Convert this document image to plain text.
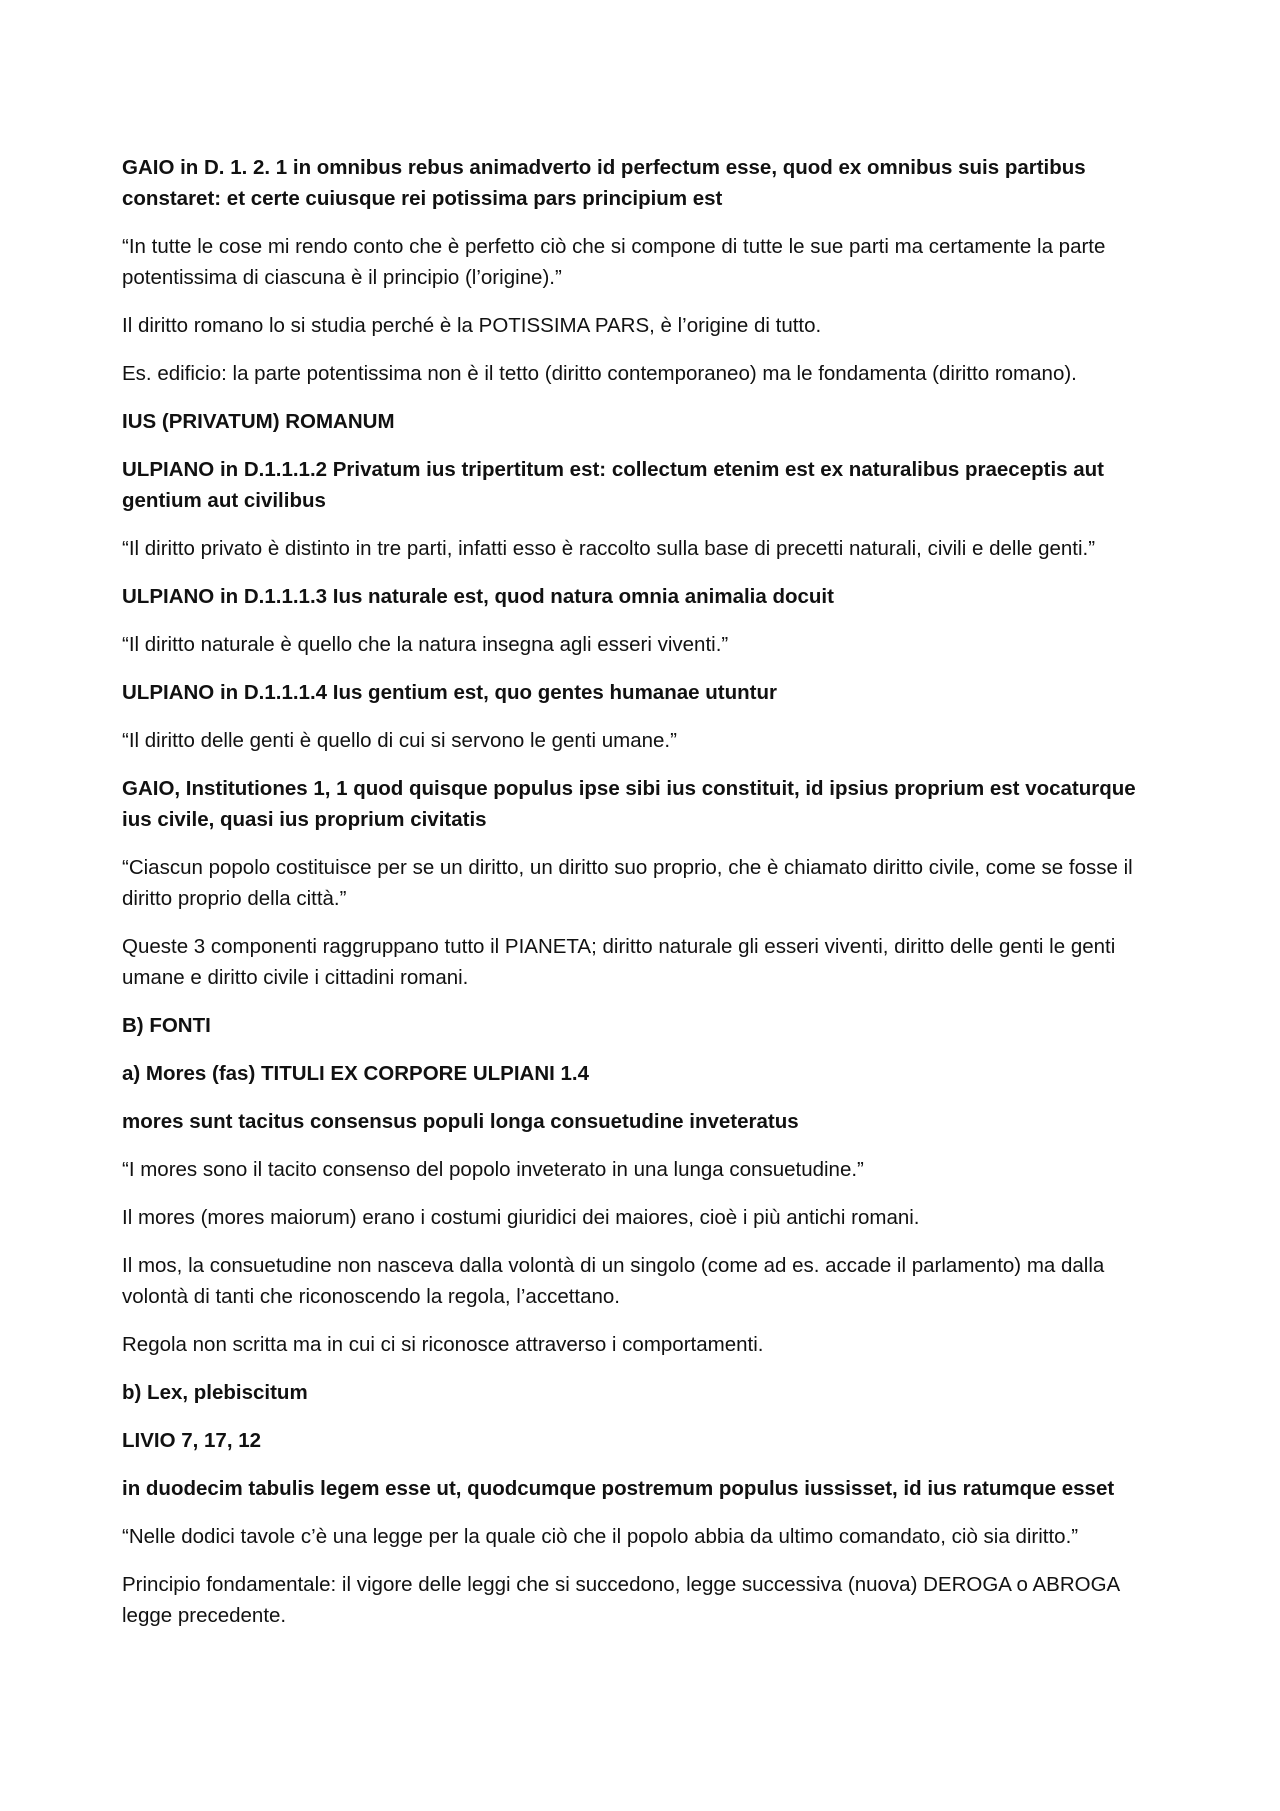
GAIO in D. 1. 2. 1 in omnibus rebus animadverto id perfectum esse, quod ex omnibus suis partibus constaret: et certe cuiusque rei potissima pars principium est

“In tutte le cose mi rendo conto che è perfetto ciò che si compone di tutte le sue parti ma certamente la parte potentissima di ciascuna è il principio (l’origine).”

Il diritto romano lo si studia perché è la POTISSIMA PARS, è l’origine di tutto.

Es. edificio: la parte potentissima non è il tetto (diritto contemporaneo) ma le fondamenta (diritto romano).

IUS (PRIVATUM) ROMANUM

ULPIANO in D.1.1.1.2 Privatum ius tripertitum est: collectum etenim est ex naturalibus praeceptis aut gentium aut civilibus

“Il diritto privato è distinto in tre parti, infatti esso è raccolto sulla base di precetti naturali, civili e delle genti.”

ULPIANO in D.1.1.1.3 Ius naturale est, quod natura omnia animalia docuit

“Il diritto naturale è quello che la natura insegna agli esseri viventi.”

ULPIANO in D.1.1.1.4 Ius gentium est, quo gentes humanae utuntur

“Il diritto delle genti è quello di cui si servono le genti umane.”

GAIO, Institutiones 1, 1 quod quisque populus ipse sibi ius constituit, id ipsius proprium est vocaturque ius civile, quasi ius proprium civitatis

“Ciascun popolo costituisce per se un diritto, un diritto suo proprio, che è chiamato diritto civile, come se fosse il diritto proprio della città.”

Queste 3 componenti raggruppano tutto il PIANETA; diritto naturale gli esseri viventi, diritto delle genti le genti umane e diritto civile i cittadini romani.

B) FONTI

a) Mores (fas) TITULI EX CORPORE ULPIANI 1.4

mores sunt tacitus consensus populi longa consuetudine inveteratus

“I mores sono il tacito consenso del popolo inveterato in una lunga consuetudine.”

Il mores (mores maiorum) erano i costumi giuridici dei maiores, cioè i più antichi romani.

Il mos, la consuetudine non nasceva dalla volontà di un singolo (come ad es. accade il parlamento) ma dalla volontà di tanti che riconoscendo la regola, l’accettano.

Regola non scritta ma in cui ci si riconosce attraverso i comportamenti.

b) Lex, plebiscitum

LIVIO 7, 17, 12

in duodecim tabulis legem esse ut, quodcumque postremum populus iussisset, id ius ratumque esset

“Nelle dodici tavole c’è una legge per la quale ciò che il popolo abbia da ultimo comandato, ciò sia diritto.”

Principio fondamentale: il vigore delle leggi che si succedono, legge successiva (nuova) DEROGA o ABROGA legge precedente.
